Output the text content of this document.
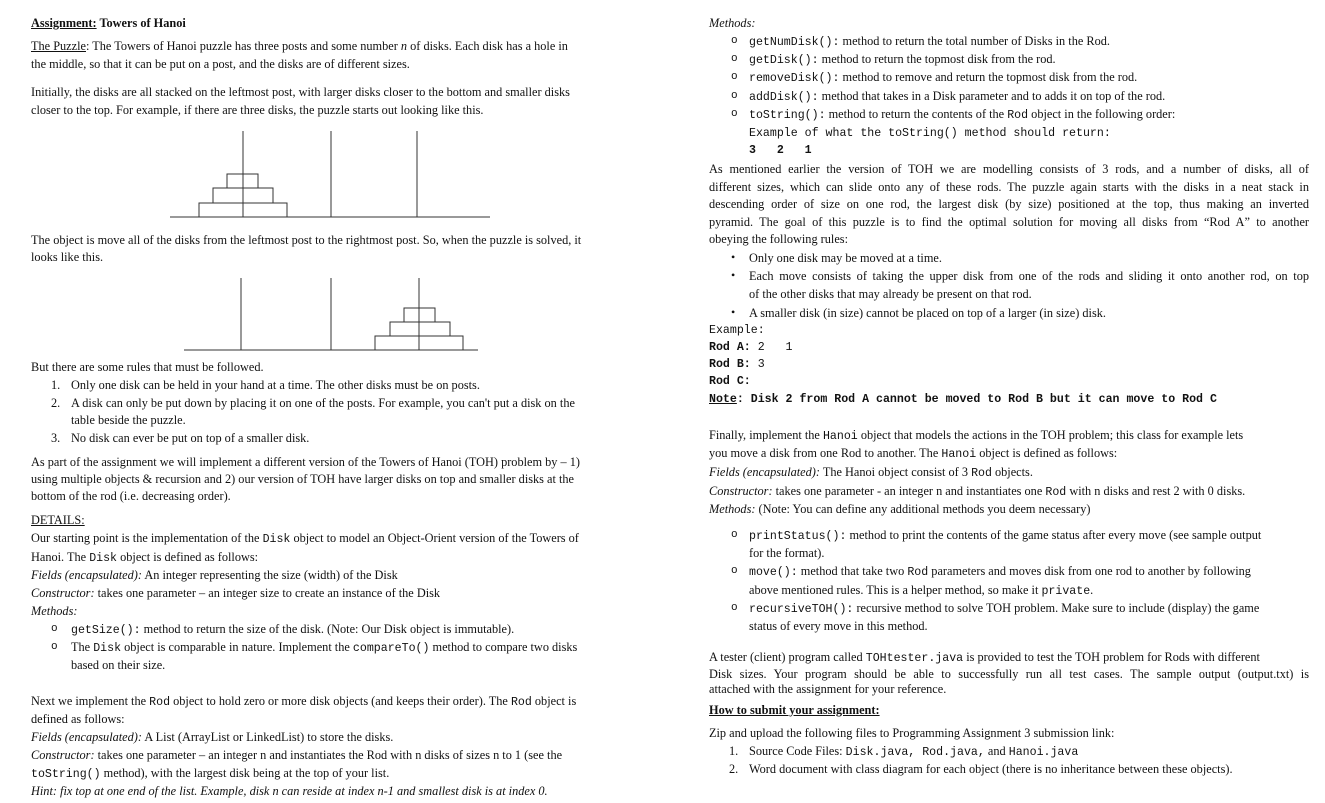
Assignment: Towers of Hanoi
The Puzzle: The Towers of Hanoi puzzle has three posts and some number n of disks. Each disk has a hole in
the middle, so that it can be put on a post, and the disks are of different sizes.
Initially, the disks are all stacked on the leftmost post, with larger disks closer to the bottom and smaller disks
closer to the top. For example, if there are three disks, the puzzle starts out looking like this.
The object is move all of the disks from the leftmost post to the rightmost post. So, when the puzzle is solved, it
looks like this.
But there are some rules that must be followed.
1. Only one disk can be held in your hand at a time. The other disks must be on posts.
2. A disk can only be put down by placing it on one of the posts. For example, you can't put a disk on the
table beside the puzzle.
3. No disk can ever be put on top of a smaller disk.
As part of the assignment we will implement a different version of the Towers of Hanoi (TOH) problem by – 1)
using multiple objects & recursion and 2) our version of TOH have larger disks on top and smaller disks at the
bottom of the rod (i.e. decreasing order).
DETAILS:
Our starting point is the implementation of the Disk object to model an Object-Orient version of the Towers of
Hanoi. The Disk object is defined as follows:
Fields (encapsulated): An integer representing the size (width) of the Disk
Constructor: takes one parameter – an integer size to create an instance of the Disk
Methods:
o getSize(): method to return the size of the disk. (Note: Our Disk object is immutable).
o The Disk object is comparable in nature. Implement the compareTo() method to compare two disks
based on their size.
Next we implement the Rod object to hold zero or more disk objects (and keeps their order). The Rod object is
defined as follows:
Fields (encapsulated): A List (ArrayList or LinkedList) to store the disks.
Constructor: takes one parameter – an integer n and instantiates the Rod with n disks of sizes n to 1 (see the
toString() method), with the largest disk being at the top of your list.
Hint: fix top at one end of the list. Example, disk n can reside at index n-1 and smallest disk is at index 0.
Methods:
o getNumDisk(): method to return the total number of Disks in the Rod.
o getDisk(): method to return the topmost disk from the rod.
o removeDisk(): method to remove and return the topmost disk from the rod.
o addDisk(): method that takes in a Disk parameter and to adds it on top of the rod.
o toString(): method to return the contents of the Rod object in the following order:
Example of what the toString() method should return:
3   2   1
As mentioned earlier the version of TOH we are modelling consists of 3 rods, and a number of disks, all of
different sizes, which can slide onto any of these rods. The puzzle again starts with the disks in a neat stack in
descending order of size on one rod, the largest disk (by size) positioned at the top, thus making an inverted
pyramid. The goal of this puzzle is to find the optimal solution for moving all disks from “Rod A” to another
obeying the following rules:
• Only one disk may be moved at a time.
• Each move consists of taking the upper disk from one of the rods and sliding it onto another rod, on top
of the other disks that may already be present on that rod.
• A smaller disk (in size) cannot be placed on top of a larger (in size) disk.
Example:
Rod A: 2   1
Rod B: 3
Rod C:
Note: Disk 2 from Rod A cannot be moved to Rod B but it can move to Rod C
Finally, implement the Hanoi object that models the actions in the TOH problem; this class for example lets
you move a disk from one Rod to another. The Hanoi object is defined as follows:
Fields (encapsulated): The Hanoi object consist of 3 Rod objects.
Constructor: takes one parameter - an integer n and instantiates one Rod with n disks and rest 2 with 0 disks.
Methods: (Note: You can define any additional methods you deem necessary)
o printStatus(): method to print the contents of the game status after every move (see sample output
for the format).
o move(): method that take two Rod parameters and moves disk from one rod to another by following
above mentioned rules. This is a helper method, so make it private.
o recursiveTOH(): recursive method to solve TOH problem. Make sure to include (display) the game
status of every move in this method.
A tester (client) program called TOHtester.java is provided to test the TOH problem for Rods with different
Disk sizes. Your program should be able to successfully run all test cases. The sample output (output.txt) is
attached with the assignment for your reference.
How to submit your assignment:
Zip and upload the following files to Programming Assignment 3 submission link:
1. Source Code Files: Disk.java, Rod.java, and Hanoi.java
2. Word document with class diagram for each object (there is no inheritance between these objects).
